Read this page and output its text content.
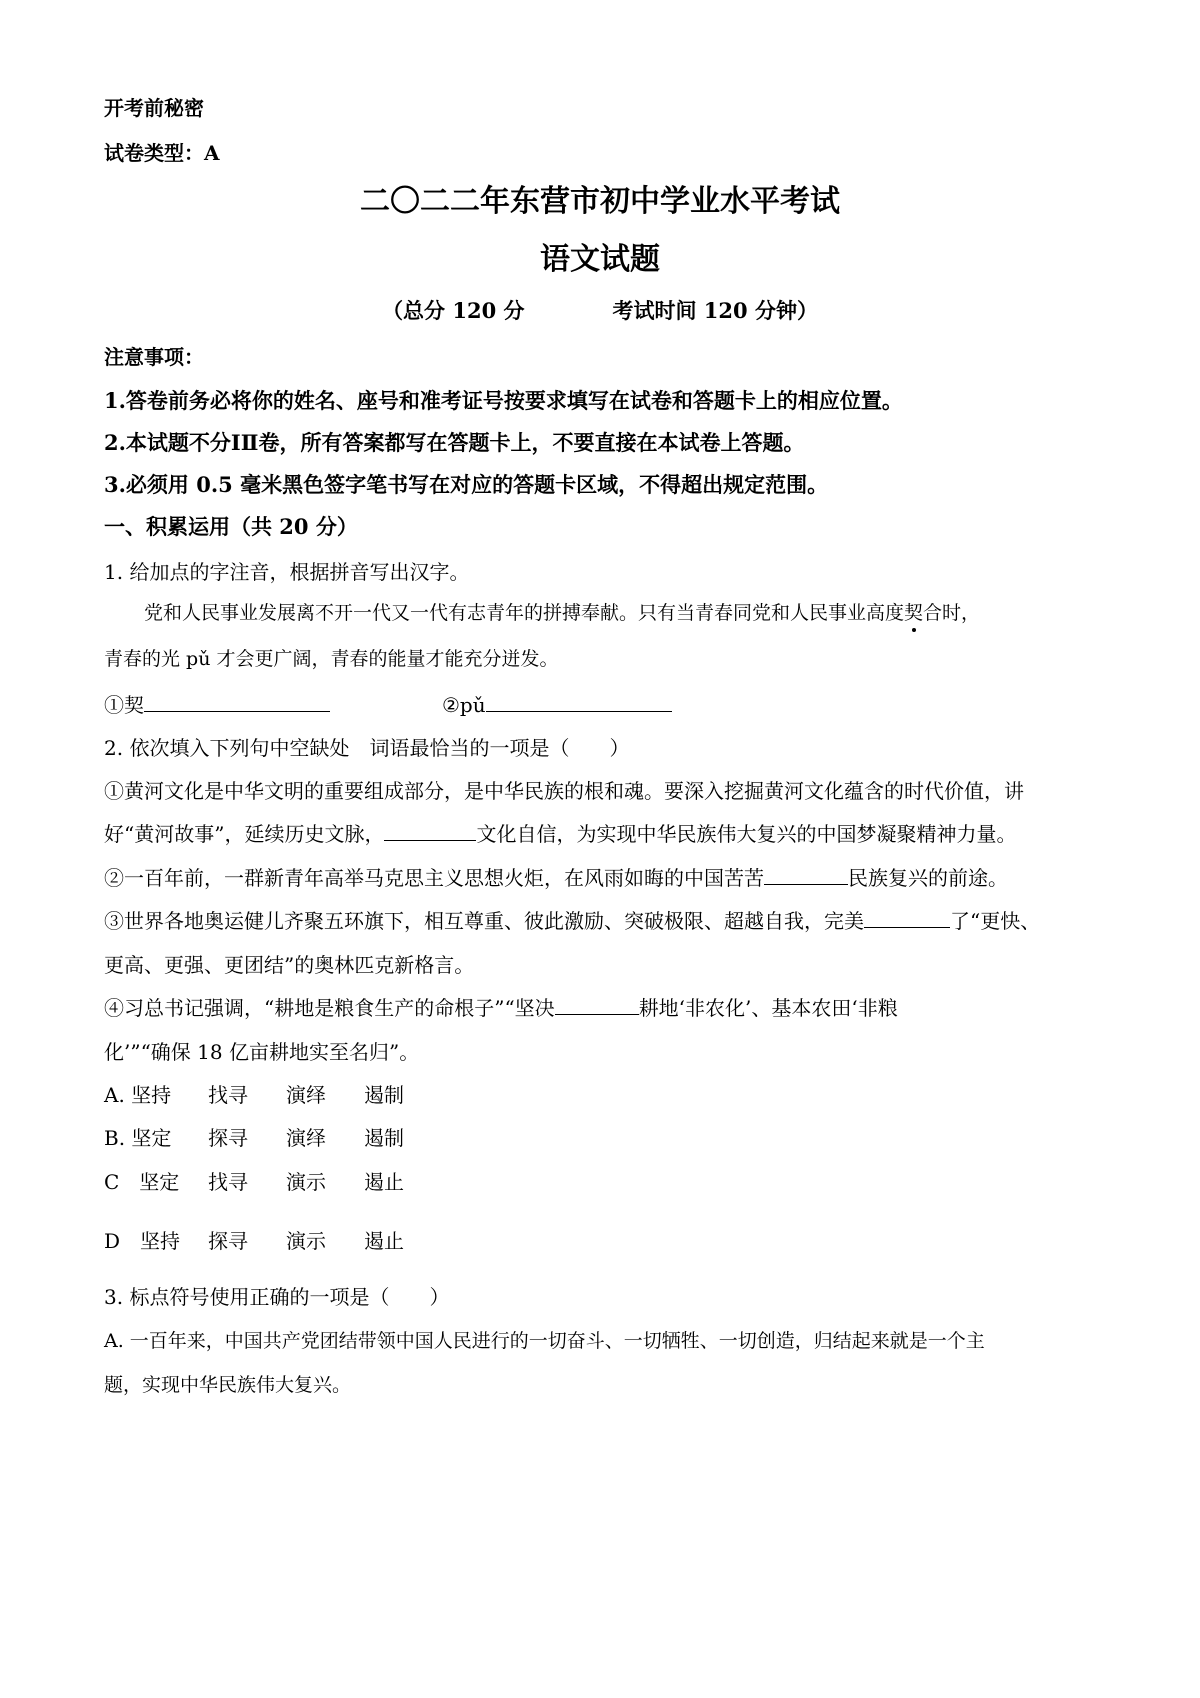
开考前秘密
试卷类型：A
二〇二二年东营市初中学业水平考试
语文试题
（总分 120 分	考试时间 120 分钟）
注意事项：
1.答卷前务必将你的姓名、座号和准考证号按要求填写在试卷和答题卡上的相应位置。
2.本试题不分ⅠⅡ卷，所有答案都写在答题卡上，不要直接在本试卷上答题。
3.必须用 0.5 毫米黑色签字笔书写在对应的答题卡区域，不得超出规定范围。
一、积累运用（共 20 分）
1. 给加点的字注音，根据拼音写出汉字。
党和人民事业发展离不开一代又一代有志青年的拼搏奉献。只有当青春同党和人民事业高度契合时，
青春的光 pǔ 才会更广阔，青春的能量才能充分迸发。
①契	②pǔ
2. 依次填入下列句中空缺处　词语最恰当的一项是（　　）
①黄河文化是中华文明的重要组成部分，是中华民族的根和魂。要深入挖掘黄河文化蕴含的时代价值，讲
好“黄河故事”，延续历史文脉，	文化自信，为实现中华民族伟大复兴的中国梦凝聚精神力量。
②一百年前，一群新青年高举马克思主义思想火炬，在风雨如晦的中国苦苦	民族复兴的前途。
③世界各地奥运健儿齐聚五环旗下，相互尊重、彼此激励、突破极限、超越自我，完美	了“更快、
更高、更强、更团结”的奥林匹克新格言。
④习总书记强调，“耕地是粮食生产的命根子”“坚决	耕地‘非农化’、基本农田‘非粮
化’”“确保 18 亿亩耕地实至名归”。
A. 坚持 找寻 演绎 遏制
B. 坚定 探寻 演绎 遏制
C　坚定 找寻 演示 遏止
D　坚持 探寻 演示 遏止
3. 标点符号使用正确的一项是（　　）
A. 一百年来，中国共产党团结带领中国人民进行的一切奋斗、一切牺牲、一切创造，归结起来就是一个主
题，实现中华民族伟大复兴。
